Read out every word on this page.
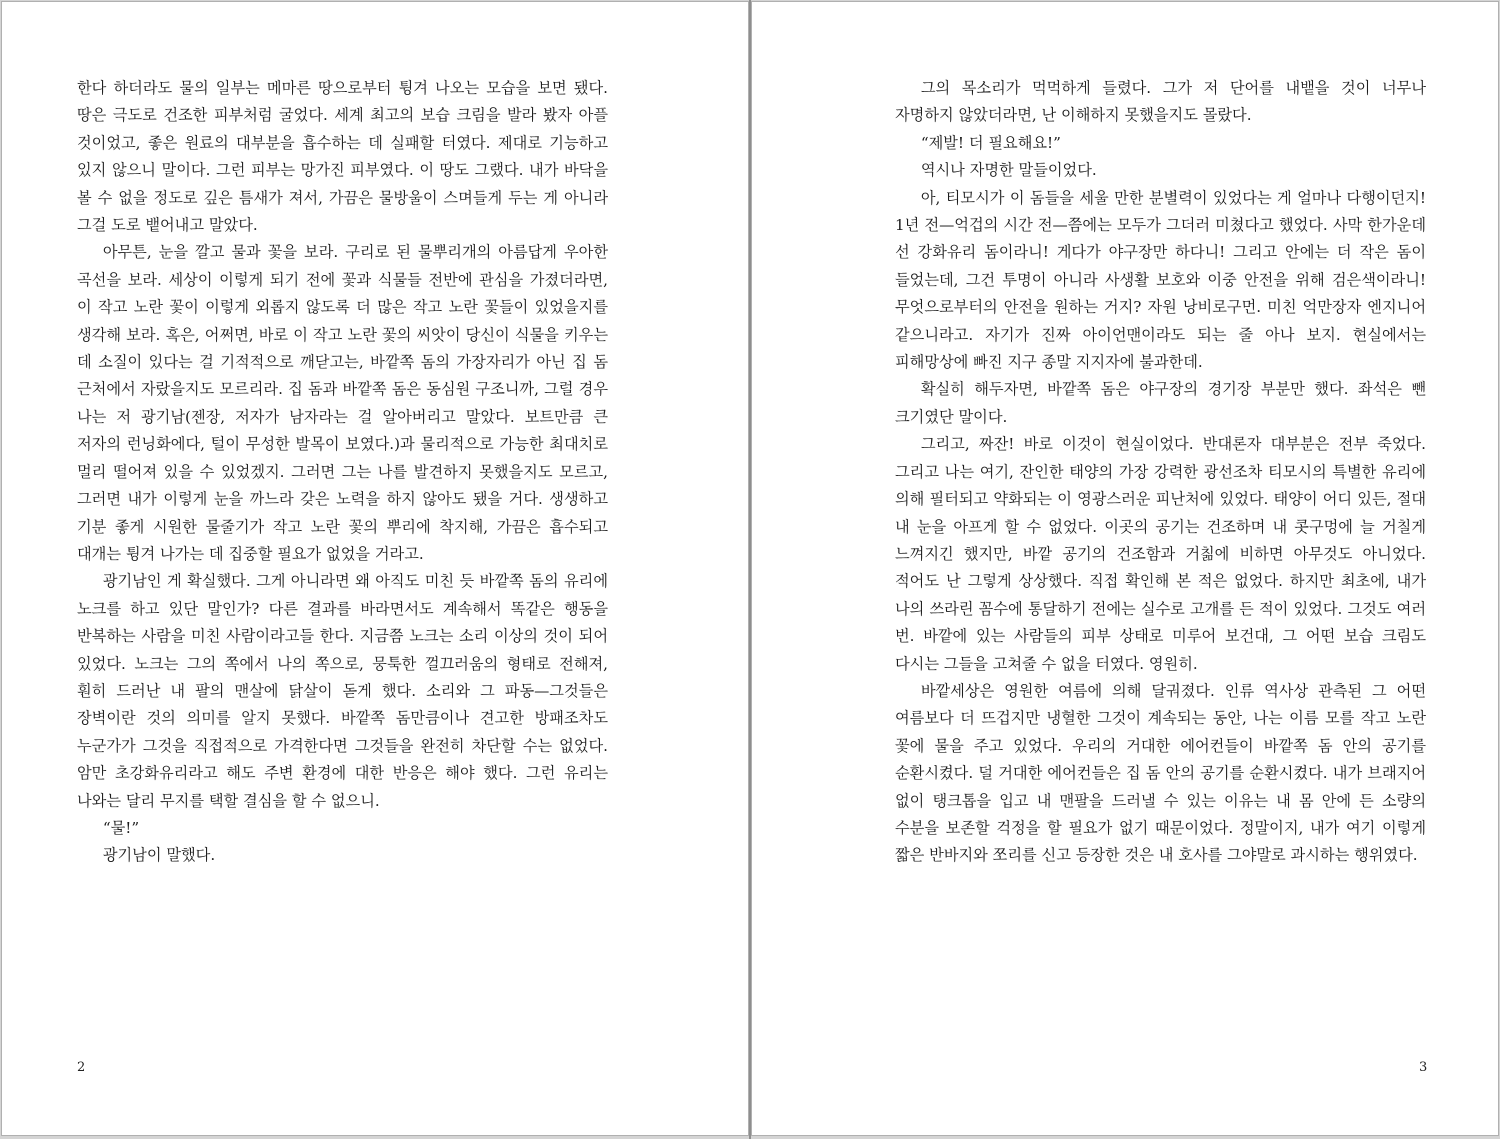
한다 하더라도 물의 일부는 메마른 땅으로부터 튕겨 나오는 모습을 보면 됐다. 땅은 극도로 건조한 피부처럼 굴었다. 세계 최고의 보습 크림을 발라 봤자 아플 것이었고, 좋은 원료의 대부분을 흡수하는 데 실패할 터였다. 제대로 기능하고 있지 않으니 말이다. 그런 피부는 망가진 피부였다. 이 땅도 그랬다. 내가 바닥을 볼 수 없을 정도로 깊은 틈새가 져서, 가끔은 물방울이 스며들게 두는 게 아니라 그걸 도로 뱉어내고 말았다.

아무튼, 눈을 깔고 물과 꽃을 보라. 구리로 된 물뿌리개의 아름답게 우아한 곡선을 보라. 세상이 이렇게 되기 전에 꽃과 식물들 전반에 관심을 가졌더라면, 이 작고 노란 꽃이 이렇게 외롭지 않도록 더 많은 작고 노란 꽃들이 있었을지를 생각해 보라. 혹은, 어쩌면, 바로 이 작고 노란 꽃의 씨앗이 당신이 식물을 키우는 데 소질이 있다는 걸 기적적으로 깨닫고는, 바깥쪽 돔의 가장자리가 아닌 집 돔 근처에서 자랐을지도 모르리라. 집 돔과 바깥쪽 돔은 동심원 구조니까, 그럴 경우 나는 저 광기남(젠장, 저자가 남자라는 걸 알아버리고 말았다. 보트만큼 큰 저자의 런닝화에다, 털이 무성한 발목이 보였다.)과 물리적으로 가능한 최대치로 멀리 떨어져 있을 수 있었겠지. 그러면 그는 나를 발견하지 못했을지도 모르고, 그러면 내가 이렇게 눈을 까느라 갖은 노력을 하지 않아도 됐을 거다. 생생하고 기분 좋게 시원한 물줄기가 작고 노란 꽃의 뿌리에 착지해, 가끔은 흡수되고 대개는 튕겨 나가는 데 집중할 필요가 없었을 거라고.

광기남인 게 확실했다. 그게 아니라면 왜 아직도 미친 듯 바깥쪽 돔의 유리에 노크를 하고 있단 말인가? 다른 결과를 바라면서도 계속해서 똑같은 행동을 반복하는 사람을 미친 사람이라고들 한다. 지금쯤 노크는 소리 이상의 것이 되어 있었다. 노크는 그의 쪽에서 나의 쪽으로, 뭉툭한 껄끄러움의 형태로 전해져, 훤히 드러난 내 팔의 맨살에 닭살이 돋게 했다. 소리와 그 파동—그것들은 장벽이란 것의 의미를 알지 못했다. 바깥쪽 돔만큼이나 견고한 방패조차도 누군가가 그것을 직접적으로 가격한다면 그것들을 완전히 차단할 수는 없었다. 암만 초강화유리라고 해도 주변 환경에 대한 반응은 해야 했다. 그런 유리는 나와는 달리 무지를 택할 결심을 할 수 없으니.

“물!”

광기남이 말했다.

2

그의 목소리가 먹먹하게 들렸다. 그가 저 단어를 내뱉을 것이 너무나 자명하지 않았더라면, 난 이해하지 못했을지도 몰랐다.

“제발! 더 필요해요!”

역시나 자명한 말들이었다.

아, 티모시가 이 돔들을 세울 만한 분별력이 있었다는 게 얼마나 다행이던지! 1년 전—억겁의 시간 전—쯤에는 모두가 그더러 미쳤다고 했었다. 사막 한가운데 선 강화유리 돔이라니! 게다가 야구장만 하다니! 그리고 안에는 더 작은 돔이 들었는데, 그건 투명이 아니라 사생활 보호와 이중 안전을 위해 검은색이라니! 무엇으로부터의 안전을 원하는 거지? 자원 낭비로구먼. 미친 억만장자 엔지니어 같으니라고. 자기가 진짜 아이언맨이라도 되는 줄 아나 보지. 현실에서는 피해망상에 빠진 지구 종말 지지자에 불과한데.

확실히 해두자면, 바깥쪽 돔은 야구장의 경기장 부분만 했다. 좌석은 뺀 크기였단 말이다.

그리고, 짜잔! 바로 이것이 현실이었다. 반대론자 대부분은 전부 죽었다. 그리고 나는 여기, 잔인한 태양의 가장 강력한 광선조차 티모시의 특별한 유리에 의해 필터되고 약화되는 이 영광스러운 피난처에 있었다. 태양이 어디 있든, 절대 내 눈을 아프게 할 수 없었다. 이곳의 공기는 건조하며 내 콧구멍에 늘 거칠게 느껴지긴 했지만, 바깥 공기의 건조함과 거칢에 비하면 아무것도 아니었다. 적어도 난 그렇게 상상했다. 직접 확인해 본 적은 없었다. 하지만 최초에, 내가 나의 쓰라린 꼼수에 통달하기 전에는 실수로 고개를 든 적이 있었다. 그것도 여러 번. 바깥에 있는 사람들의 피부 상태로 미루어 보건대, 그 어떤 보습 크림도 다시는 그들을 고쳐줄 수 없을 터였다. 영원히.

바깥세상은 영원한 여름에 의해 달궈졌다. 인류 역사상 관측된 그 어떤 여름보다 더 뜨겁지만 냉혈한 그것이 계속되는 동안, 나는 이름 모를 작고 노란 꽃에 물을 주고 있었다. 우리의 거대한 에어컨들이 바깥쪽 돔 안의 공기를 순환시켰다. 덜 거대한 에어컨들은 집 돔 안의 공기를 순환시켰다. 내가 브래지어 없이 탱크톱을 입고 내 맨팔을 드러낼 수 있는 이유는 내 몸 안에 든 소량의 수분을 보존할 걱정을 할 필요가 없기 때문이었다. 정말이지, 내가 여기 이렇게 짧은 반바지와 쪼리를 신고 등장한 것은 내 호사를 그야말로 과시하는 행위였다.

3
